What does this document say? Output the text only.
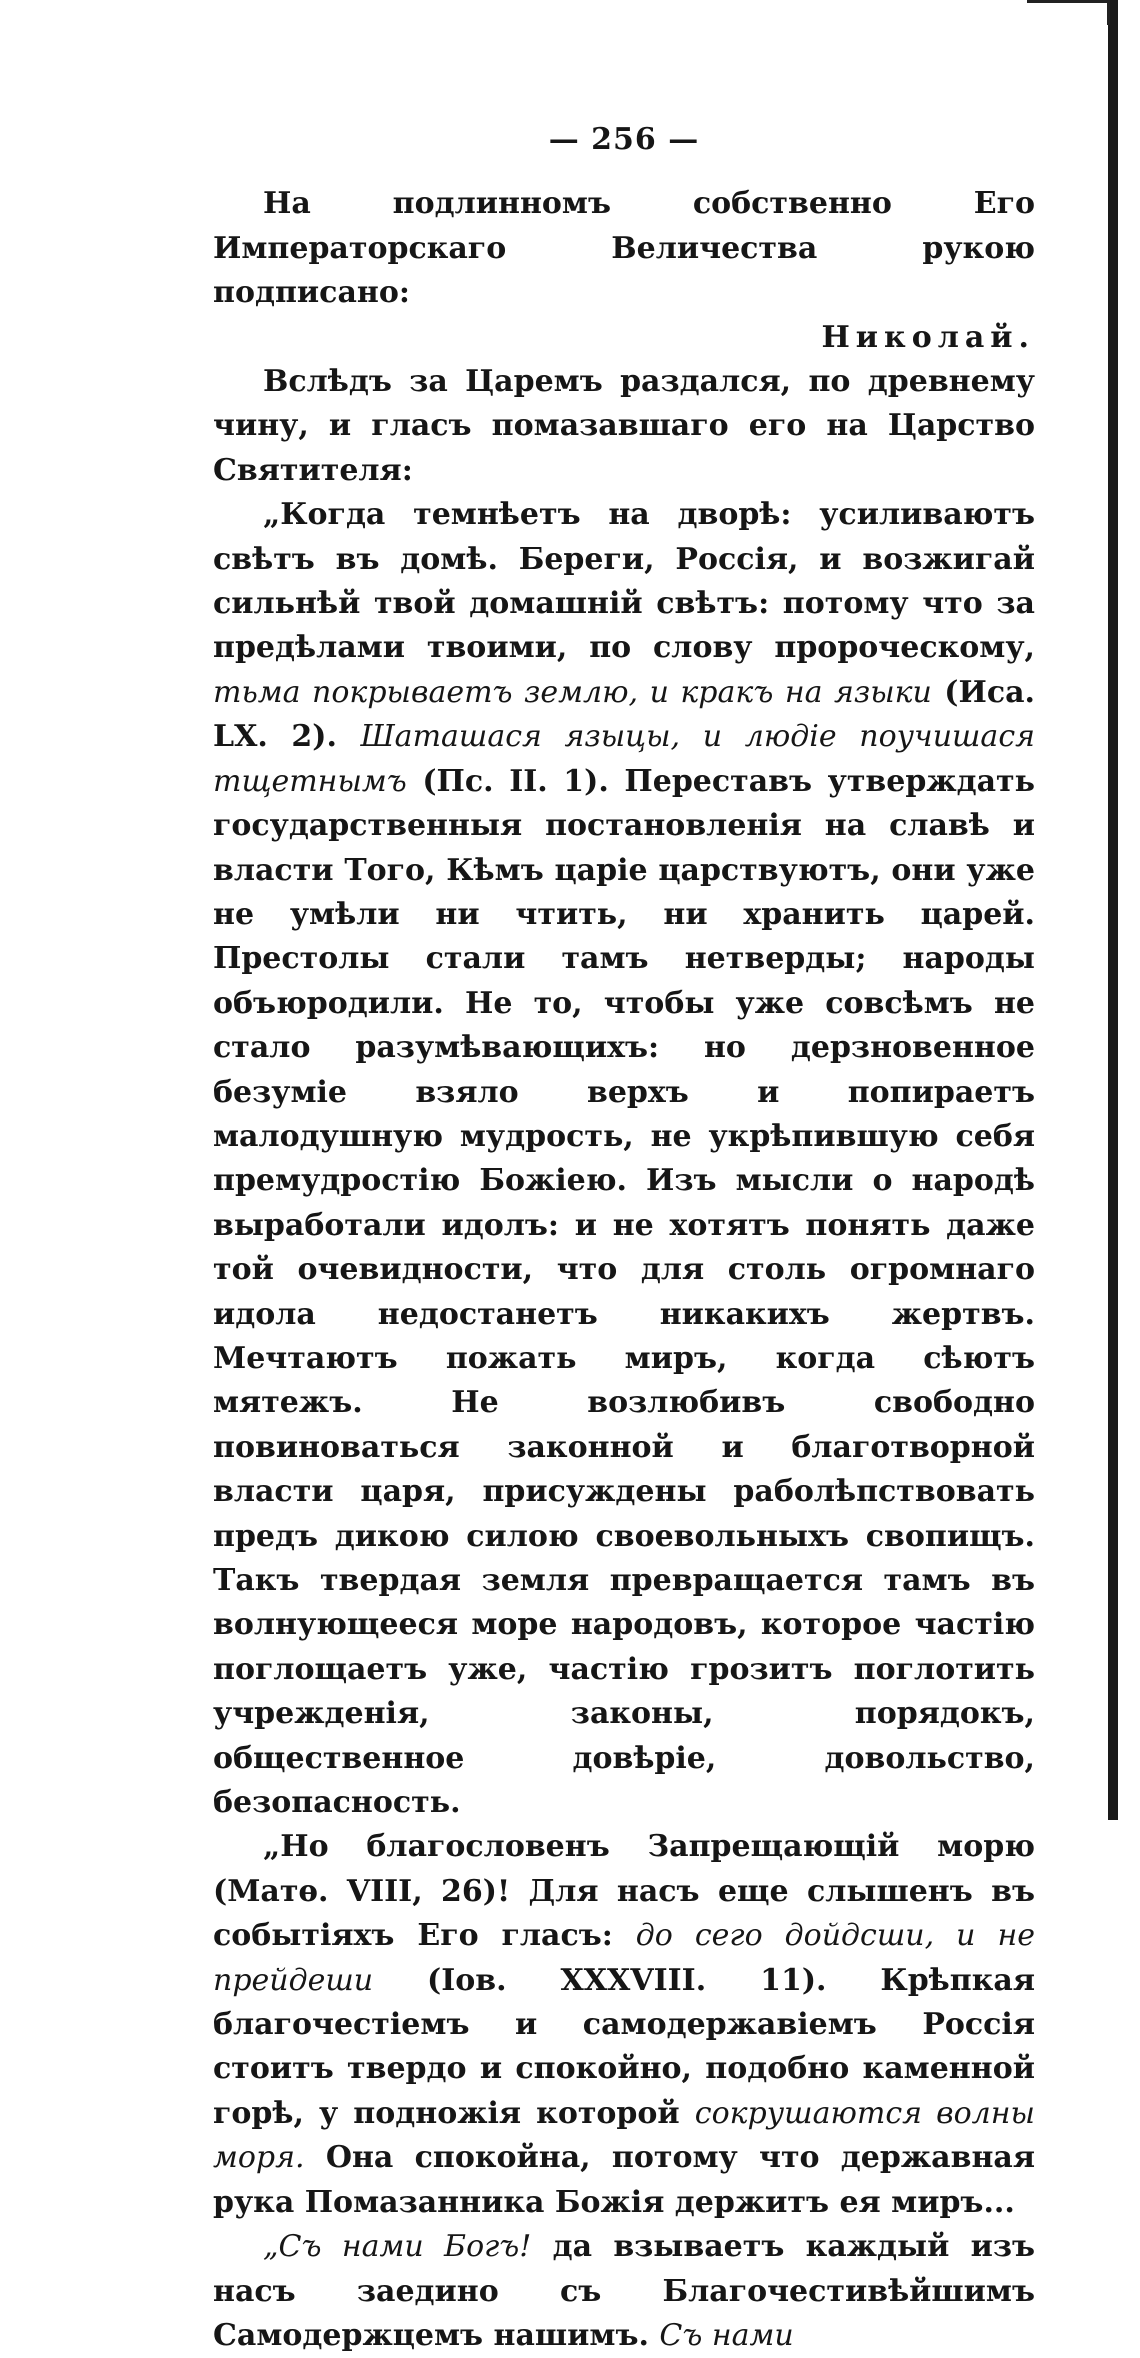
— 256 —

На подлинномъ собственно Его Императорскаго Величества рукою подписано:

Николай.

Вслѣдъ за Царемъ раздался, по древнему чину, и гласъ помазавшаго его на Царство Святителя:

„Когда темнѣетъ на дворѣ: усиливаютъ свѣтъ въ домѣ. Береги, Россія, и возжигай сильнѣй твой домашній свѣтъ: потому что за предѣлами твоими, по слову пророческому, тьма покрываетъ землю, и кракъ на языки (Иса. LX. 2). Шаташася языцы, и людіе поучишася тщетнымъ (Пс. II. 1). Переставъ утверждать государственныя постановленія на славѣ и власти Того, Кѣмъ царіе царствуютъ, они уже не умѣли ни чтить, ни хранить царей. Престолы стали тамъ нетверды; народы объюродили. Не то, чтобы уже совсѣмъ не стало разумѣвающихъ: но дерзновенное безуміе взяло верхъ и попираетъ малодушную мудрость, не укрѣпившую себя премудростію Божіею. Изъ мысли о народѣ выработали идолъ: и не хотятъ понять даже той очевидности, что для столь огромнаго идола недостанетъ никакихъ жертвъ. Мечтаютъ пожать миръ, когда сѣютъ мятежъ. Не возлюбивъ свободно повиноваться законной и благотворной власти царя, присуждены раболѣпствовать предъ дикою силою своевольныхъ свопищъ. Такъ твердая земля превращается тамъ въ волнующееся море народовъ, которое частію поглощаетъ уже, частію грозитъ поглотить учрежденія, законы, порядокъ, общественное довѣріе, довольство, безопасность.

„Но благословенъ Запрещающій морю (Матѳ. VIII, 26)! Для насъ еще слышенъ въ событіяхъ Его гласъ: до сего дойдсши, и не прейдеши (Іов. XXXVIII. 11). Крѣпкая благочестіемъ и самодержавіемъ Россія стоитъ твердо и спокойно, подобно каменной горѣ, у подножія которой сокрушаются волны моря. Она спокойна, потому что державная рука Помазанника Божія держитъ ея миръ...

„Съ нами Богъ! да взываетъ каждый изъ насъ заедино съ Благочестивѣйшимъ Самодержцемъ нашимъ. Съ нами
